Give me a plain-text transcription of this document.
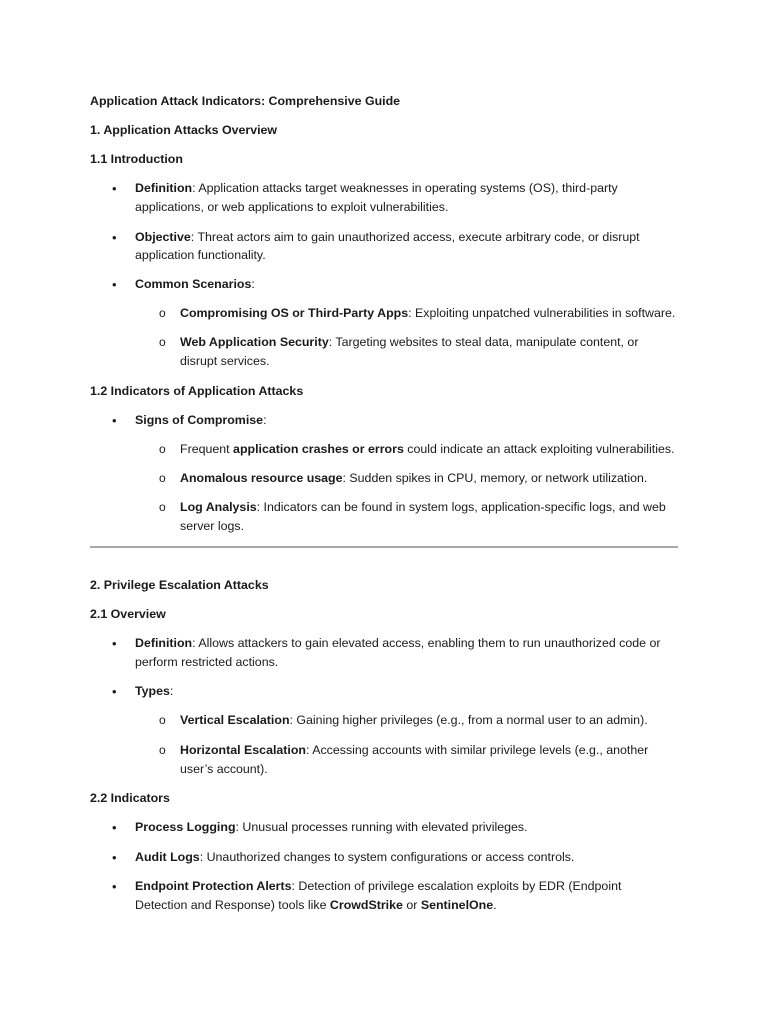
Application Attack Indicators: Comprehensive Guide
1. Application Attacks Overview
1.1 Introduction
• Definition: Application attacks target weaknesses in operating systems (OS), third-party
applications, or web applications to exploit vulnerabilities.
• Objective: Threat actors aim to gain unauthorized access, execute arbitrary code, or disrupt
application functionality.
• Common Scenarios:
o Compromising OS or Third-Party Apps: Exploiting unpatched vulnerabilities in software.
o Web Application Security: Targeting websites to steal data, manipulate content, or
disrupt services.
1.2 Indicators of Application Attacks
• Signs of Compromise:
o Frequent application crashes or errors could indicate an attack exploiting vulnerabilities.
o Anomalous resource usage: Sudden spikes in CPU, memory, or network utilization.
o Log Analysis: Indicators can be found in system logs, application-specific logs, and web
server logs.
2. Privilege Escalation Attacks
2.1 Overview
• Definition: Allows attackers to gain elevated access, enabling them to run unauthorized code or
perform restricted actions.
• Types:
o Vertical Escalation: Gaining higher privileges (e.g., from a normal user to an admin).
o Horizontal Escalation: Accessing accounts with similar privilege levels (e.g., another
user’s account).
2.2 Indicators
• Process Logging: Unusual processes running with elevated privileges.
• Audit Logs: Unauthorized changes to system configurations or access controls.
• Endpoint Protection Alerts: Detection of privilege escalation exploits by EDR (Endpoint
Detection and Response) tools like CrowdStrike or SentinelOne.
